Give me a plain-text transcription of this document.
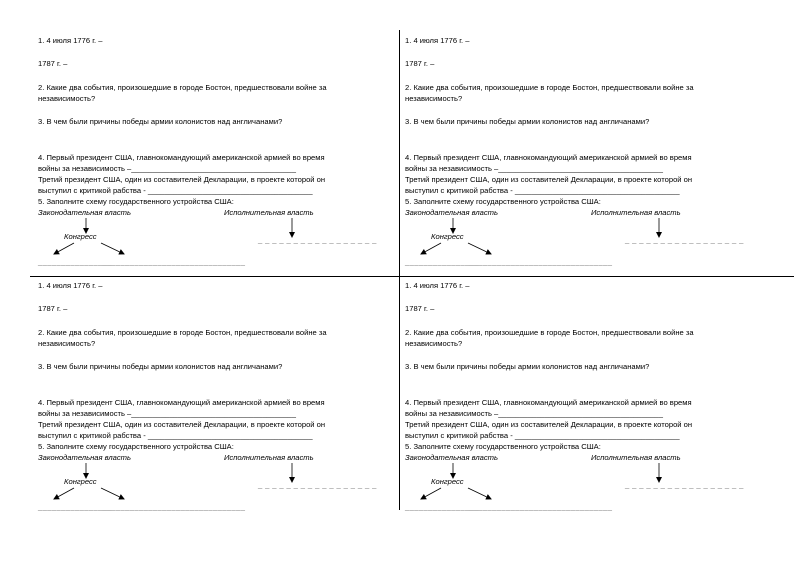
1. 4 июля 1776 г. –
1787 г. –
2. Какие два события, произошедшие в городе Бостон, предшествовали войне за
независимость?
3. В чем были причины победы армии колонистов над англичанами?
4. Первый президент США, главнокомандующий американской армией во время
войны за независимость –_______________________________________
Третий президент США, один из составителей Декларации, в проекте которой он
выступил с критикой рабства - _______________________________________
5. Заполните схему государственного устройства США:
Законодательная власть	Исполнительная власть
Конгресс	_ _ _ _ _ _ _ _ _ _ _ _ _ _ _ _ _
________________
_______________________________
1. 4 июля 1776 г. –
1787 г. –
2. Какие два события, произошедшие в городе Бостон, предшествовали войне за
независимость?
3. В чем были причины победы армии колонистов над англичанами?
4. Первый президент США, главнокомандующий американской армией во время
войны за независимость –_______________________________________
Третий президент США, один из составителей Декларации, в проекте которой он
выступил с критикой рабства - _______________________________________
5. Заполните схему государственного устройства США:
Законодательная власть	Исполнительная власть
Конгресс	_ _ _ _ _ _ _ _ _ _ _ _ _ _ _ _ _
________________
_______________________________
1. 4 июля 1776 г. –
1787 г. –
2. Какие два события, произошедшие в городе Бостон, предшествовали войне за
независимость?
3. В чем были причины победы армии колонистов над англичанами?
4. Первый президент США, главнокомандующий американской армией во время
войны за независимость –_______________________________________
Третий президент США, один из составителей Декларации, в проекте которой он
выступил с критикой рабства - _______________________________________
5. Заполните схему государственного устройства США:
Законодательная власть	Исполнительная власть
Конгресс	_ _ _ _ _ _ _ _ _ _ _ _ _ _ _ _ _
________________
_______________________________
1. 4 июля 1776 г. –
1787 г. –
2. Какие два события, произошедшие в городе Бостон, предшествовали войне за
независимость?
3. В чем были причины победы армии колонистов над англичанами?
4. Первый президент США, главнокомандующий американской армией во время
войны за независимость –_______________________________________
Третий президент США, один из составителей Декларации, в проекте которой он
выступил с критикой рабства - _______________________________________
5. Заполните схему государственного устройства США:
Законодательная власть	Исполнительная власть
Конгресс	_ _ _ _ _ _ _ _ _ _ _ _ _ _ _ _ _
________________
_______________________________
